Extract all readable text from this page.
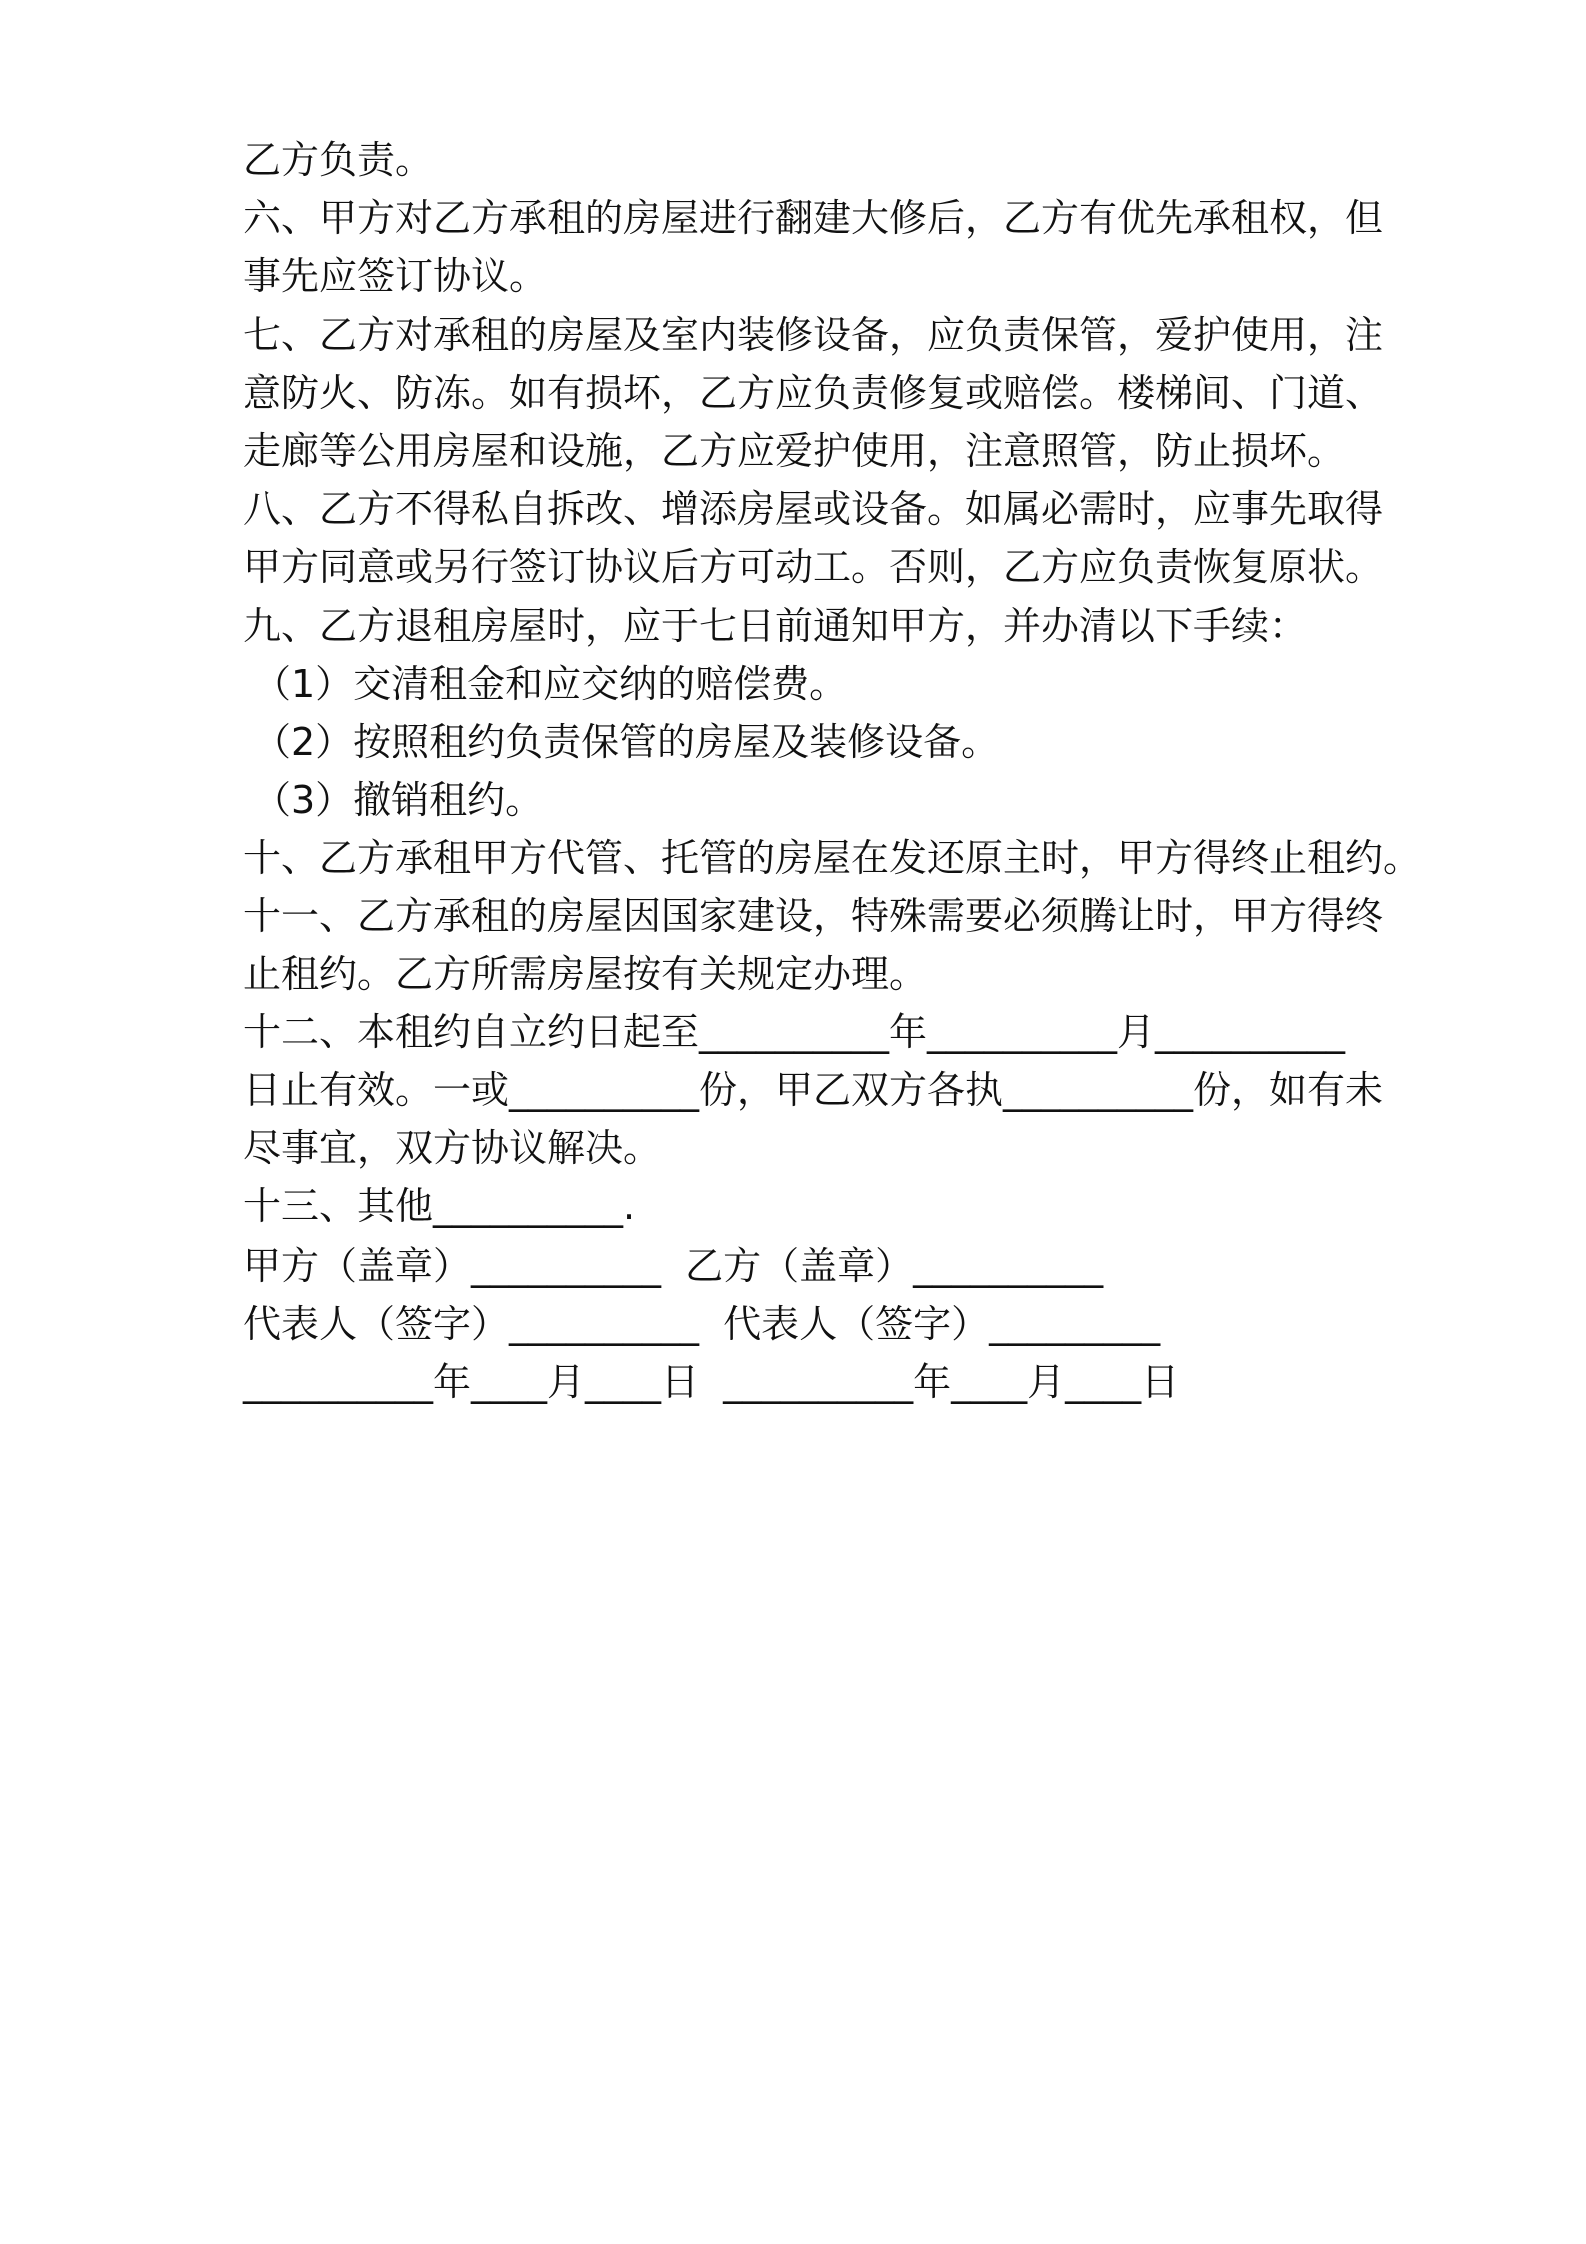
乙方负责。
六、甲方对乙方承租的房屋进行翻建大修后，乙方有优先承租权，但
事先应签订协议。
七、乙方对承租的房屋及室内装修设备，应负责保管，爱护使用，注
意防火、防冻。如有损坏，乙方应负责修复或赔偿。楼梯间、门道、
走廊等公用房屋和设施，乙方应爱护使用，注意照管，防止损坏。
八、乙方不得私自拆改、增添房屋或设备。如属必需时，应事先取得
甲方同意或另行签订协议后方可动工。否则，乙方应负责恢复原状。
九、乙方退租房屋时，应于七日前通知甲方，并办清以下手续：
（1）交清租金和应交纳的赔偿费。
（2）按照租约负责保管的房屋及装修设备。
（3）撤销租约。
十、乙方承租甲方代管、托管的房屋在发还原主时，甲方得终止租约。
十一、乙方承租的房屋因国家建设，特殊需要必须腾让时，甲方得终
止租约。乙方所需房屋按有关规定办理。
十二、本租约自立约日起至__________年__________月__________
日止有效。一或__________份，甲乙双方各执__________份，如有未
尽事宜，双方协议解决。
十三、其他__________.
甲方（盖章）__________  乙方（盖章）__________
代表人（签字）__________  代表人（签字）_________
__________年____月____日  __________年____月____日
